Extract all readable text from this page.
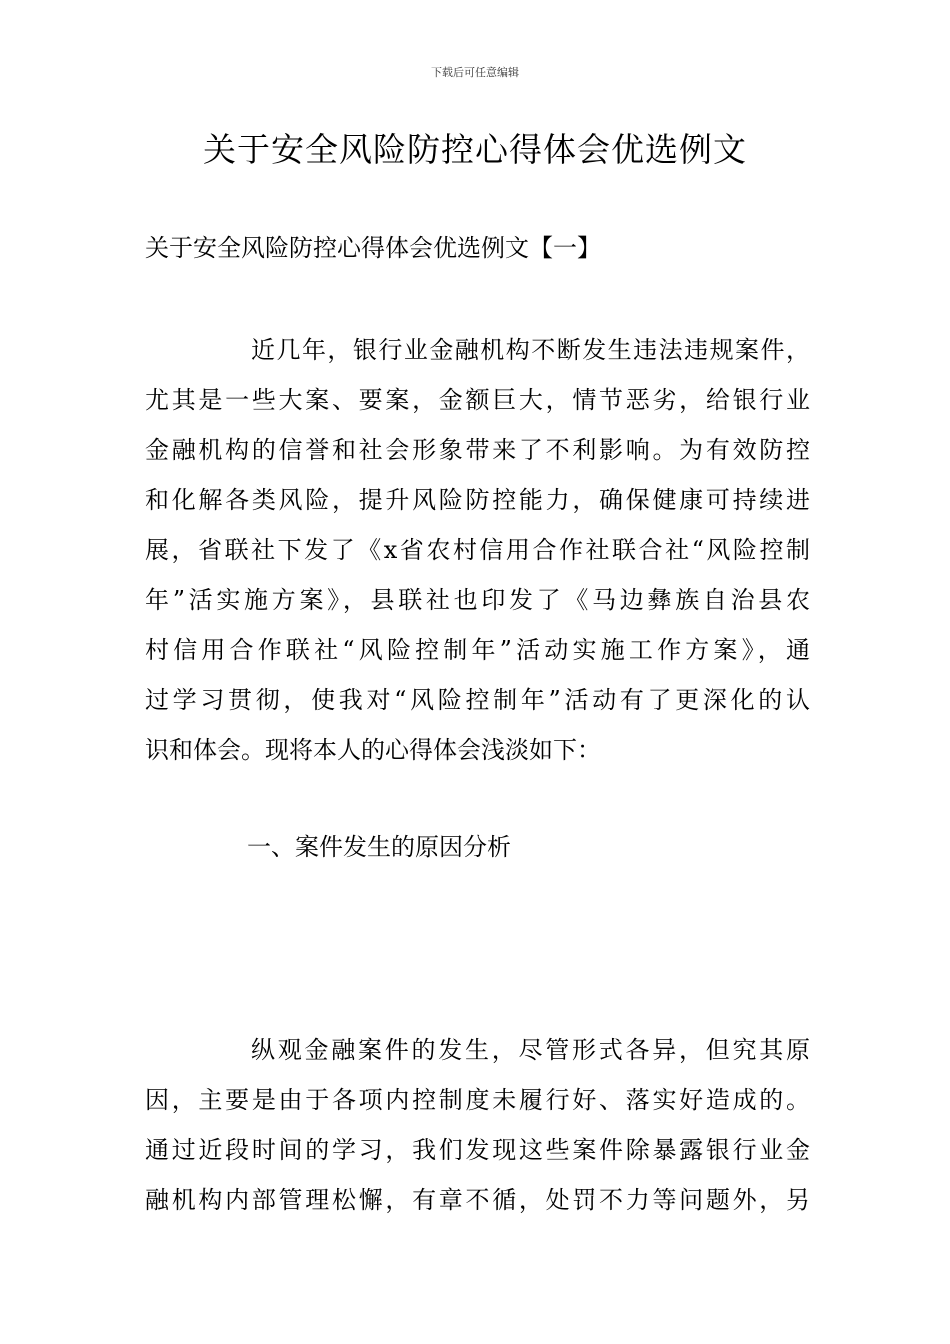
下载后可任意编辑
关于安全风险防控心得体会优选例文
关于安全风险防控心得体会优选例文【一】
近几年，银行业金融机构不断发生违法违规案件，
尤其是一些大案、要案，金额巨大，情节恶劣，给银行业
金融机构的信誉和社会形象带来了不利影响。为有效防控
和化解各类风险，提升风险防控能力，确保健康可持续进
展，省联社下发了《x省农村信用合作社联合社“风险控制
年”活实施方案》，县联社也印发了《马边彝族自治县农
村信用合作联社“风险控制年”活动实施工作方案》，通
过学习贯彻，使我对“风险控制年”活动有了更深化的认
识和体会。现将本人的心得体会浅淡如下：
一、案件发生的原因分析
纵观金融案件的发生，尽管形式各异，但究其原
因，主要是由于各项内控制度未履行好、落实好造成的。
通过近段时间的学习，我们发现这些案件除暴露银行业金
融机构内部管理松懈，有章不循，处罚不力等问题外，另
